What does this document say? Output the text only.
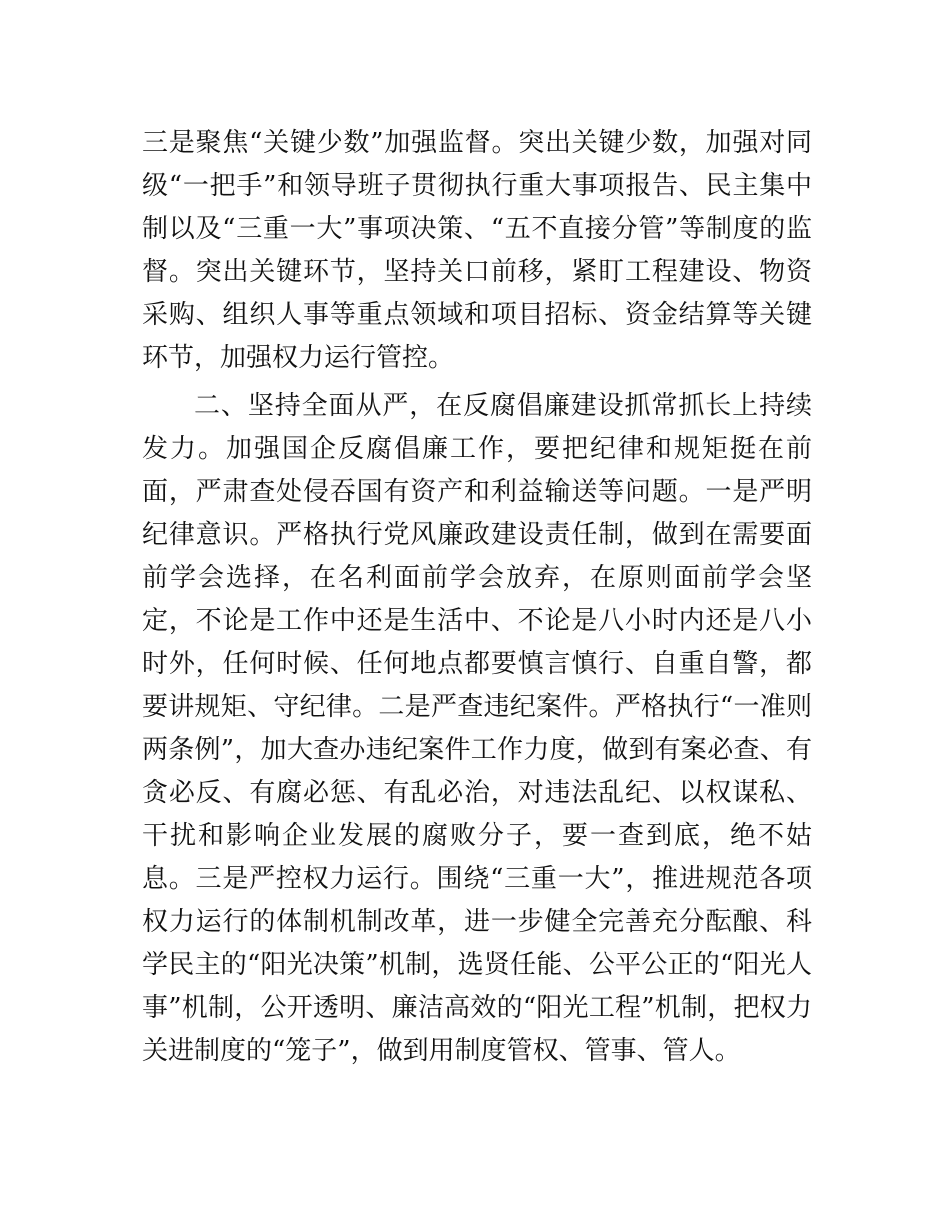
三是聚焦“关键少数”加强监督。突出关键少数，加强对同级“一把手”和领导班子贯彻执行重大事项报告、民主集中制以及“三重一大”事项决策、“五不直接分管”等制度的监督。突出关键环节，坚持关口前移，紧盯工程建设、物资采购、组织人事等重点领域和项目招标、资金结算等关键环节，加强权力运行管控。

二、坚持全面从严，在反腐倡廉建设抓常抓长上持续发力。加强国企反腐倡廉工作，要把纪律和规矩挺在前面，严肃查处侵吞国有资产和利益输送等问题。一是严明纪律意识。严格执行党风廉政建设责任制，做到在需要面前学会选择，在名利面前学会放弃，在原则面前学会坚定，不论是工作中还是生活中、不论是八小时内还是八小时外，任何时候、任何地点都要慎言慎行、自重自警，都要讲规矩、守纪律。二是严查违纪案件。严格执行“一准则两条例”，加大查办违纪案件工作力度，做到有案必查、有贪必反、有腐必惩、有乱必治，对违法乱纪、以权谋私、干扰和影响企业发展的腐败分子，要一查到底，绝不姑息。三是严控权力运行。围绕“三重一大”，推进规范各项权力运行的体制机制改革，进一步健全完善充分酝酿、科学民主的“阳光决策”机制，选贤任能、公平公正的“阳光人事”机制，公开透明、廉洁高效的“阳光工程”机制，把权力关进制度的“笼子”，做到用制度管权、管事、管人。
